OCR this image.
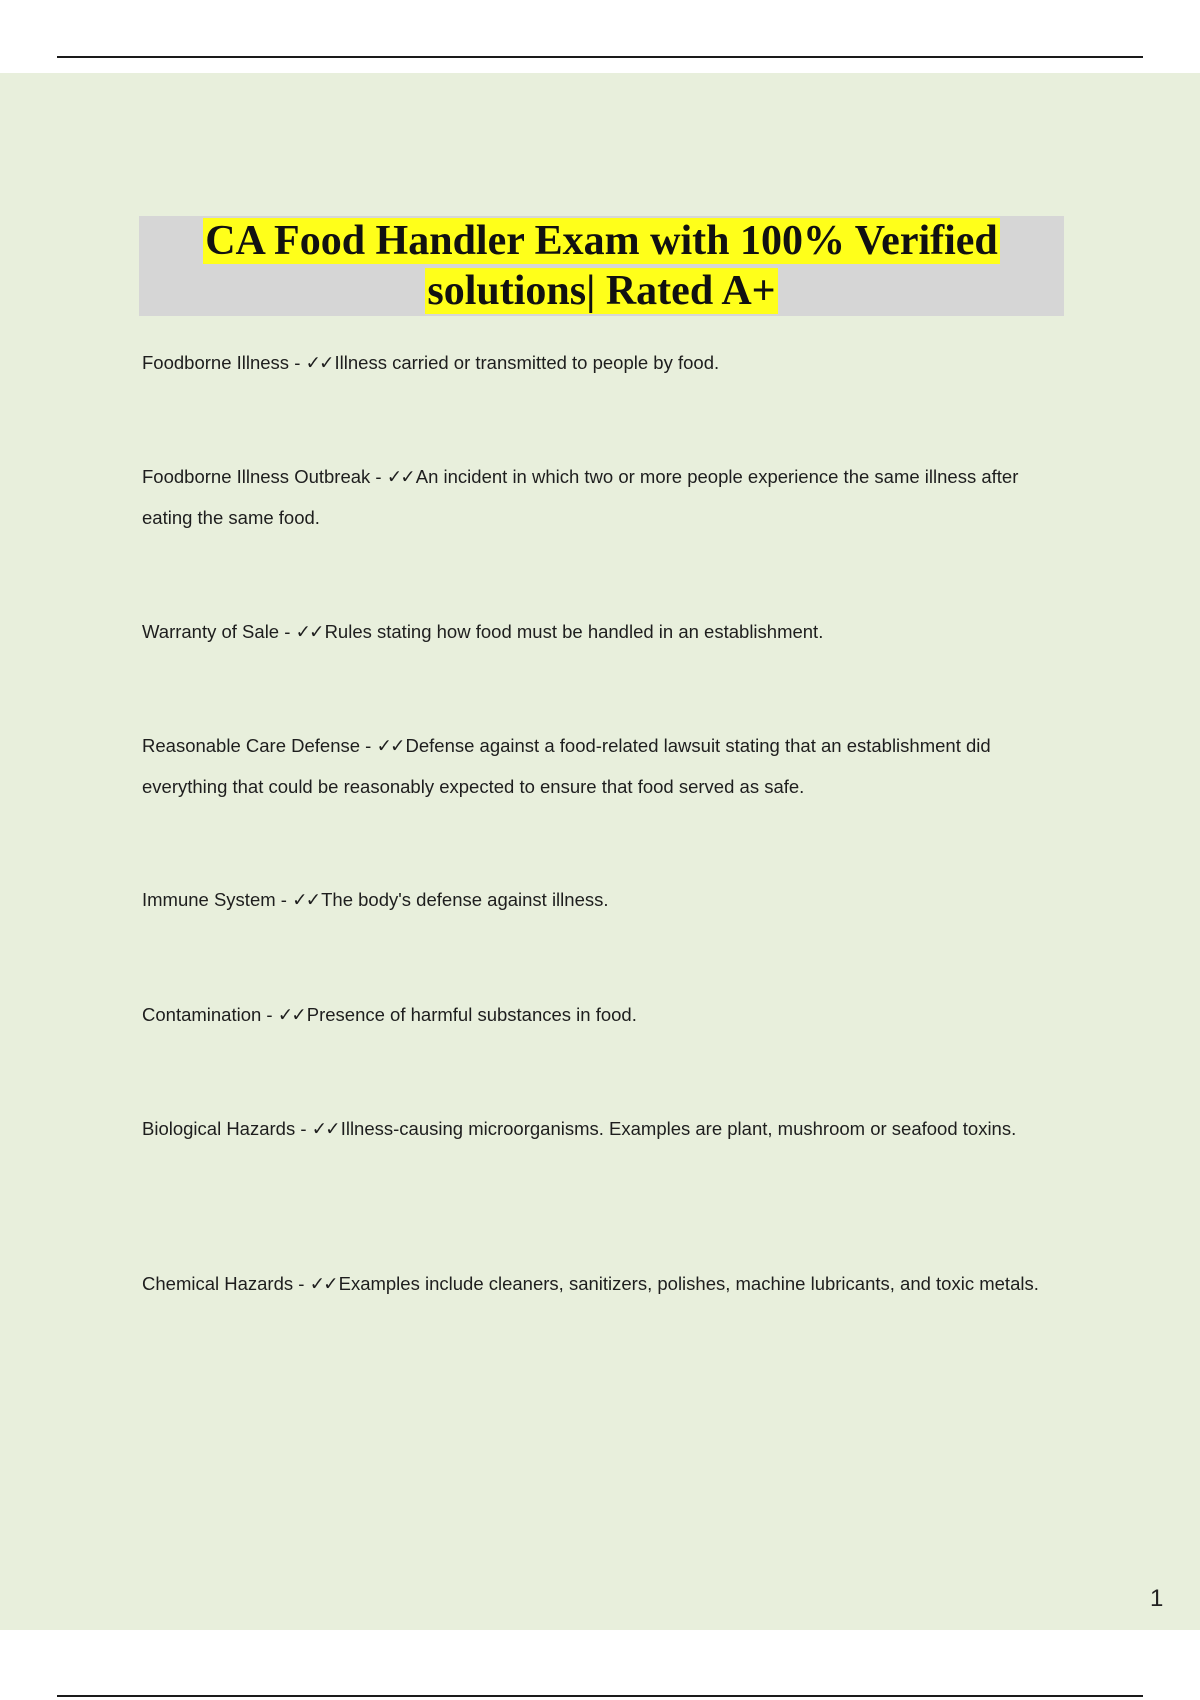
CA Food Handler Exam with 100% Verified
solutions| Rated A+
Foodborne Illness - ✓✓ Illness carried or transmitted to people by food.
Foodborne Illness Outbreak - ✓✓ An incident in which two or more people experience the same illness after eating the same food.
Warranty of Sale - ✓✓ Rules stating how food must be handled in an establishment.
Reasonable Care Defense - ✓✓ Defense against a food-related lawsuit stating that an establishment did everything that could be reasonably expected to ensure that food served as safe.
Immune System - ✓✓ The body's defense against illness.
Contamination - ✓✓ Presence of harmful substances in food.
Biological Hazards - ✓✓ Illness-causing microorganisms. Examples are plant, mushroom or seafood toxins.
Chemical Hazards - ✓✓ Examples include cleaners, sanitizers, polishes, machine lubricants, and toxic metals.
1
